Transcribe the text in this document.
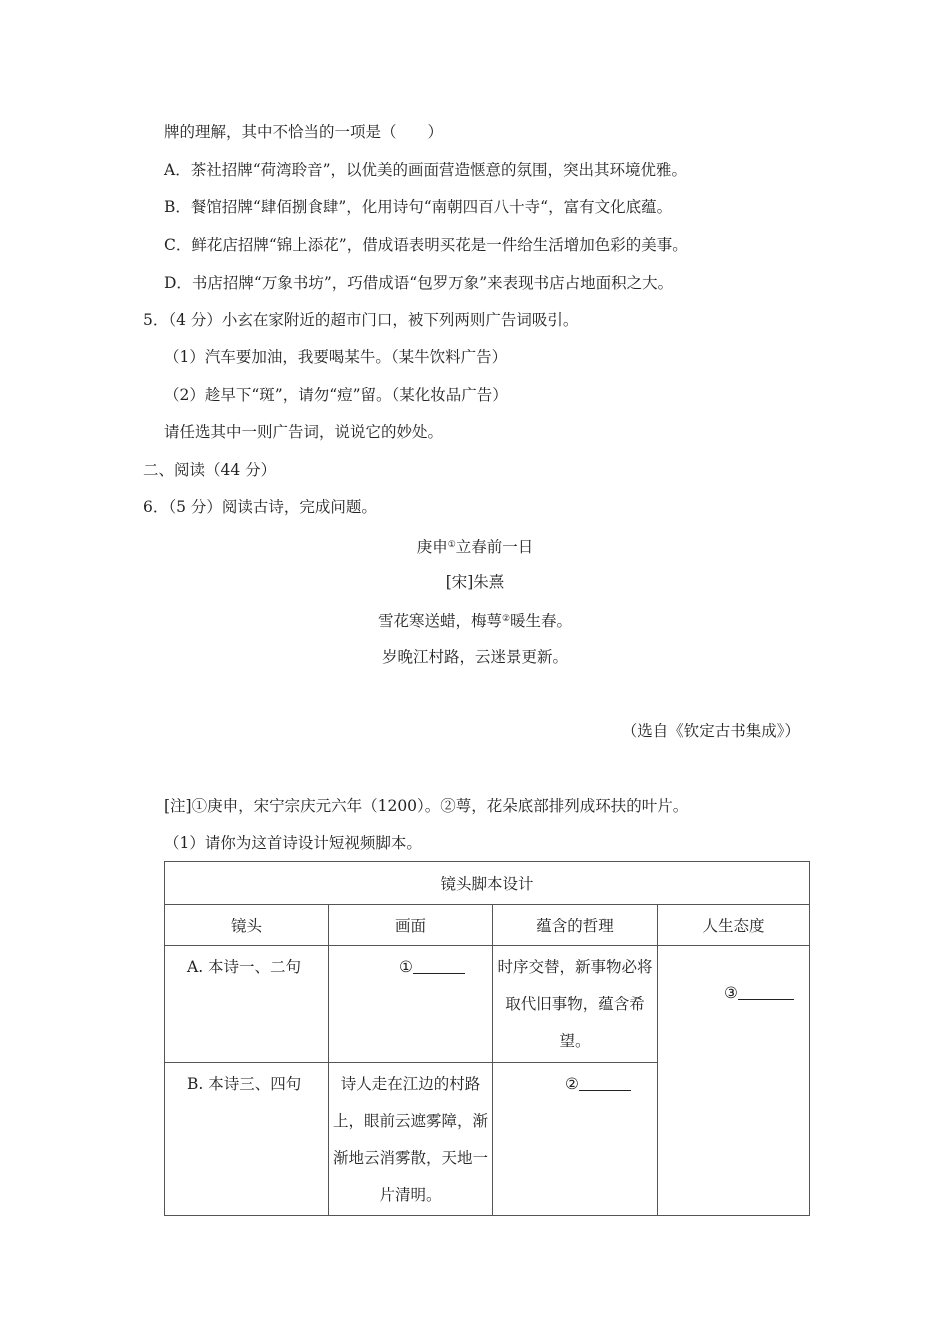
牌的理解，其中不恰当的一项是（　　）
A．茶社招牌“荷湾聆音”，以优美的画面营造惬意的氛围，突出其环境优雅。
B．餐馆招牌“肆佰捌食肆”，化用诗句“南朝四百八十寺“，富有文化底蕴。
C．鲜花店招牌“锦上添花”，借成语表明买花是一件给生活增加色彩的美事。
D．书店招牌“万象书坊”，巧借成语“包罗万象”来表现书店占地面积之大。
5．（4 分）小玄在家附近的超市门口，被下列两则广告词吸引。
（1）汽车要加油，我要喝某牛。（某牛饮料广告）
（2）趁早下“斑”，请勿“痘”留。（某化妆品广告）
请任选其中一则广告词，说说它的妙处。
二、阅读（44 分）
6．（5 分）阅读古诗，完成问题。
庚申①立春前一日
[宋]朱熹
雪花寒送蜡，梅萼②暖生春。
岁晚江村路，云迷景更新。
（选自《钦定古书集成》）
[注]①庚申，宋宁宗庆元六年（1200）。②萼，花朵底部排列成环扶的叶片。
（1）请你为这首诗设计短视频脚本。
镜头脚本设计			
镜头	画面	蕴含的哲理	人生态度

A. 本诗一、二句	①	时序交替，新事物必将取代旧事物，蕴含希望。	③

B. 本诗三、四句	诗人走在江边的村路上，眼前云遮雾障，渐渐地云消雾散，天地一片清明。	②	
